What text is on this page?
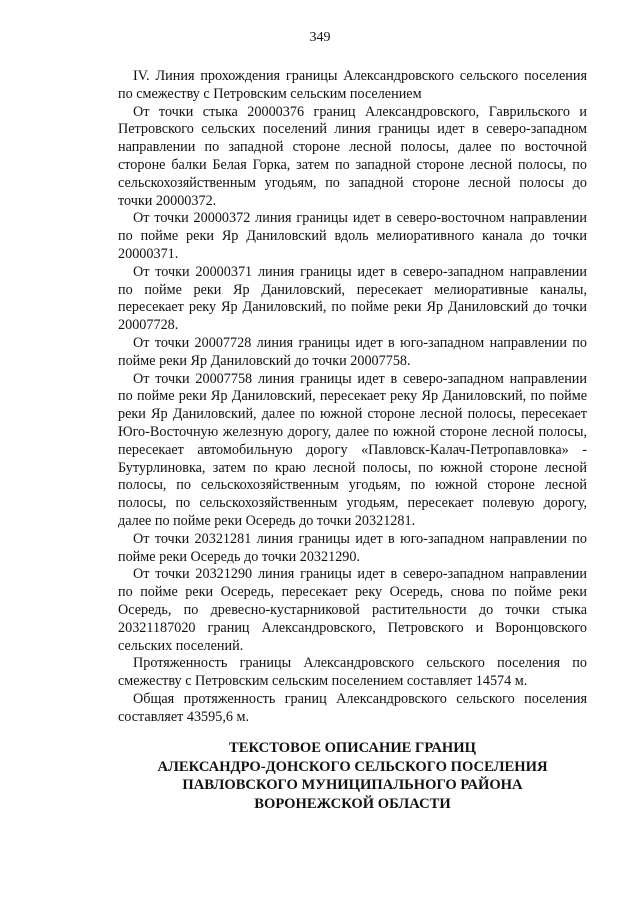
349

IV. Линия прохождения границы Александровского сельского поселения по смежеству с Петровским сельским поселением

От точки стыка 20000376 границ Александровского, Гаврильского и Петровского сельских поселений линия границы идет в северо-западном направлении по западной стороне лесной полосы, далее по восточной стороне балки Белая Горка, затем по западной стороне лесной полосы, по сельскохозяйственным угодьям, по западной стороне лесной полосы до точки 20000372.

От точки 20000372 линия границы идет в северо-восточном направлении по пойме реки Яр Даниловский вдоль мелиоративного канала до точки 20000371.

От точки 20000371 линия границы идет в северо-западном направлении по пойме реки Яр Даниловский, пересекает мелиоративные каналы, пересекает реку Яр Даниловский, по пойме реки Яр Даниловский до точки 20007728.

От точки 20007728 линия границы идет в юго-западном направлении по пойме реки Яр Даниловский до точки 20007758.

От точки 20007758 линия границы идет в северо-западном направлении по пойме реки Яр Даниловский, пересекает реку Яр Даниловский, по пойме реки Яр Даниловский, далее по южной стороне лесной полосы, пересекает Юго-Восточную железную дорогу, далее по южной стороне лесной полосы, пересекает автомобильную дорогу «Павловск-Калач-Петропавловка» - Бутурлиновка, затем по краю лесной полосы, по южной стороне лесной полосы, по сельскохозяйственным угодьям, по южной стороне лесной полосы, по сельскохозяйственным угодьям, пересекает полевую дорогу, далее по пойме реки Осередь до точки 20321281.

От точки 20321281 линия границы идет в юго-западном направлении по пойме реки Осередь до точки 20321290.

От точки 20321290 линия границы идет в северо-западном направлении по пойме реки Осередь, пересекает реку Осередь, снова по пойме реки Осередь, по древесно-кустарниковой растительности до точки стыка 20321187020 границ Александровского, Петровского и Воронцовского сельских поселений.

Протяженность границы Александровского сельского поселения по смежеству с Петровским сельским поселением составляет 14574 м.

Общая протяженность границ Александровского сельского поселения составляет 43595,6 м.

ТЕКСТОВОЕ ОПИСАНИЕ ГРАНИЦ
АЛЕКСАНДРО-ДОНСКОГО СЕЛЬСКОГО ПОСЕЛЕНИЯ
ПАВЛОВСКОГО МУНИЦИПАЛЬНОГО РАЙОНА
ВОРОНЕЖСКОЙ ОБЛАСТИ
